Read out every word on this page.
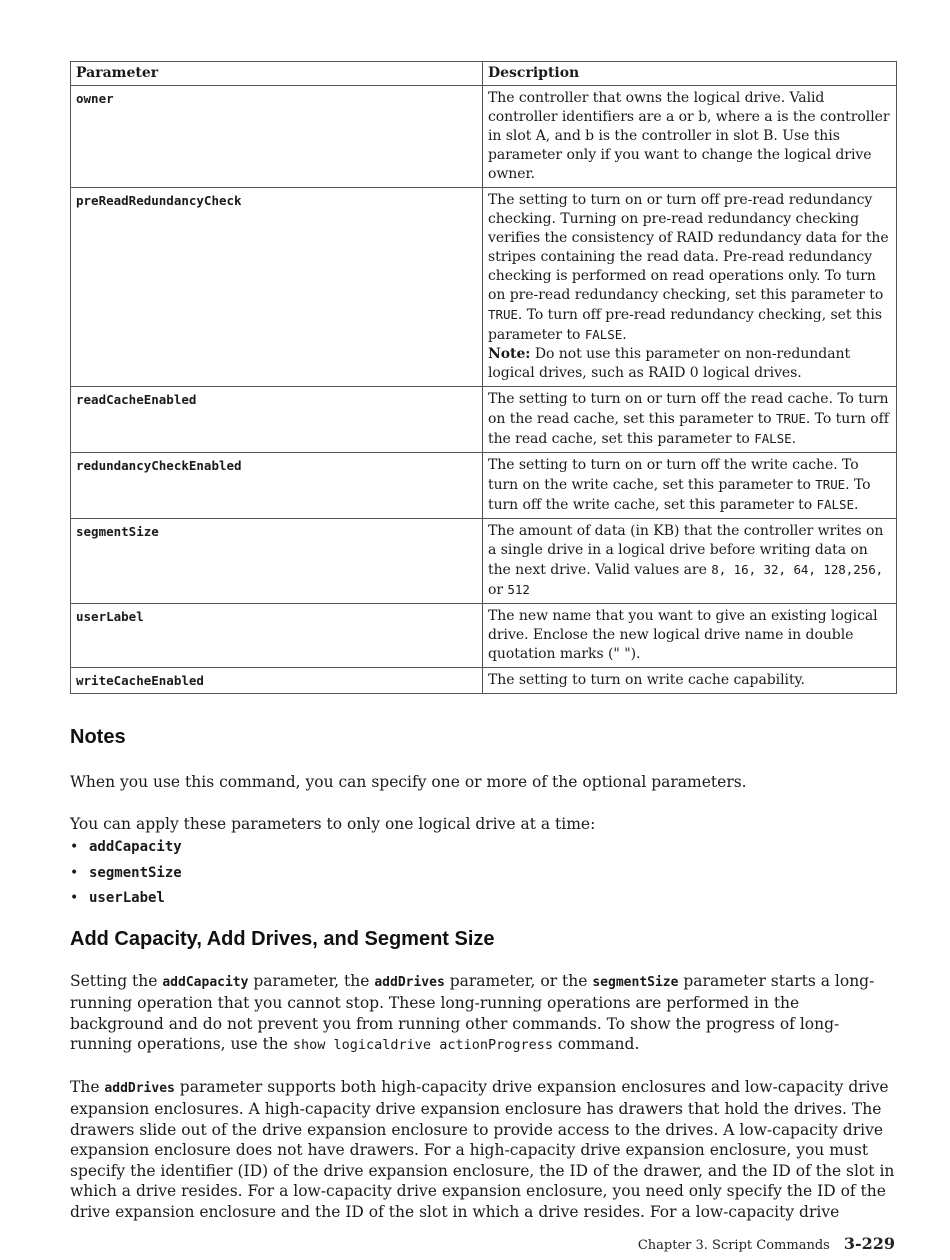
Parameter	Description
owner	The controller that owns the logical drive. Valid controller identifiers are a or b, where a is the controller in slot A, and b is the controller in slot B. Use this parameter only if you want to change the logical drive owner.
preReadRedundancyCheck	The setting to turn on or turn off pre-read redundancy checking. Turning on pre-read redundancy checking verifies the consistency of RAID redundancy data for the stripes containing the read data. Pre-read redundancy checking is performed on read operations only. To turn on pre-read redundancy checking, set this parameter to TRUE. To turn off pre-read redundancy checking, set this parameter to FALSE.
Note: Do not use this parameter on non-redundant logical drives, such as RAID 0 logical drives.
readCacheEnabled	The setting to turn on or turn off the read cache. To turn on the read cache, set this parameter to TRUE. To turn off the read cache, set this parameter to FALSE.
redundancyCheckEnabled	The setting to turn on or turn off the write cache. To turn on the write cache, set this parameter to TRUE. To turn off the write cache, set this parameter to FALSE.
segmentSize	The amount of data (in KB) that the controller writes on a single drive in a logical drive before writing data on the next drive. Valid values are 8, 16, 32, 64, 128,256, or 512
userLabel	The new name that you want to give an existing logical drive. Enclose the new logical drive name in double quotation marks (" ").
writeCacheEnabled	The setting to turn on write cache capability.
Notes

When you use this command, you can specify one or more of the optional parameters.

You can apply these parameters to only one logical drive at a time:

• addCapacity
• segmentSize
• userLabel
Add Capacity, Add Drives, and Segment Size

Setting the addCapacity parameter, the addDrives parameter, or the segmentSize parameter starts a long-running operation that you cannot stop. These long-running operations are performed in the background and do not prevent you from running other commands. To show the progress of long-running operations, use the show logicaldrive actionProgress command.

The addDrives parameter supports both high-capacity drive expansion enclosures and low-capacity drive expansion enclosures. A high-capacity drive expansion enclosure has drawers that hold the drives. The drawers slide out of the drive expansion enclosure to provide access to the drives. A low-capacity drive expansion enclosure does not have drawers. For a high-capacity drive expansion enclosure, you must specify the identifier (ID) of the drive expansion enclosure, the ID of the drawer, and the ID of the slot in which a drive resides. For a low-capacity drive expansion enclosure, you need only specify the ID of the drive expansion enclosure and the ID of the slot in which a drive resides. For a low-capacity drive

Chapter 3. Script Commands 3-229
